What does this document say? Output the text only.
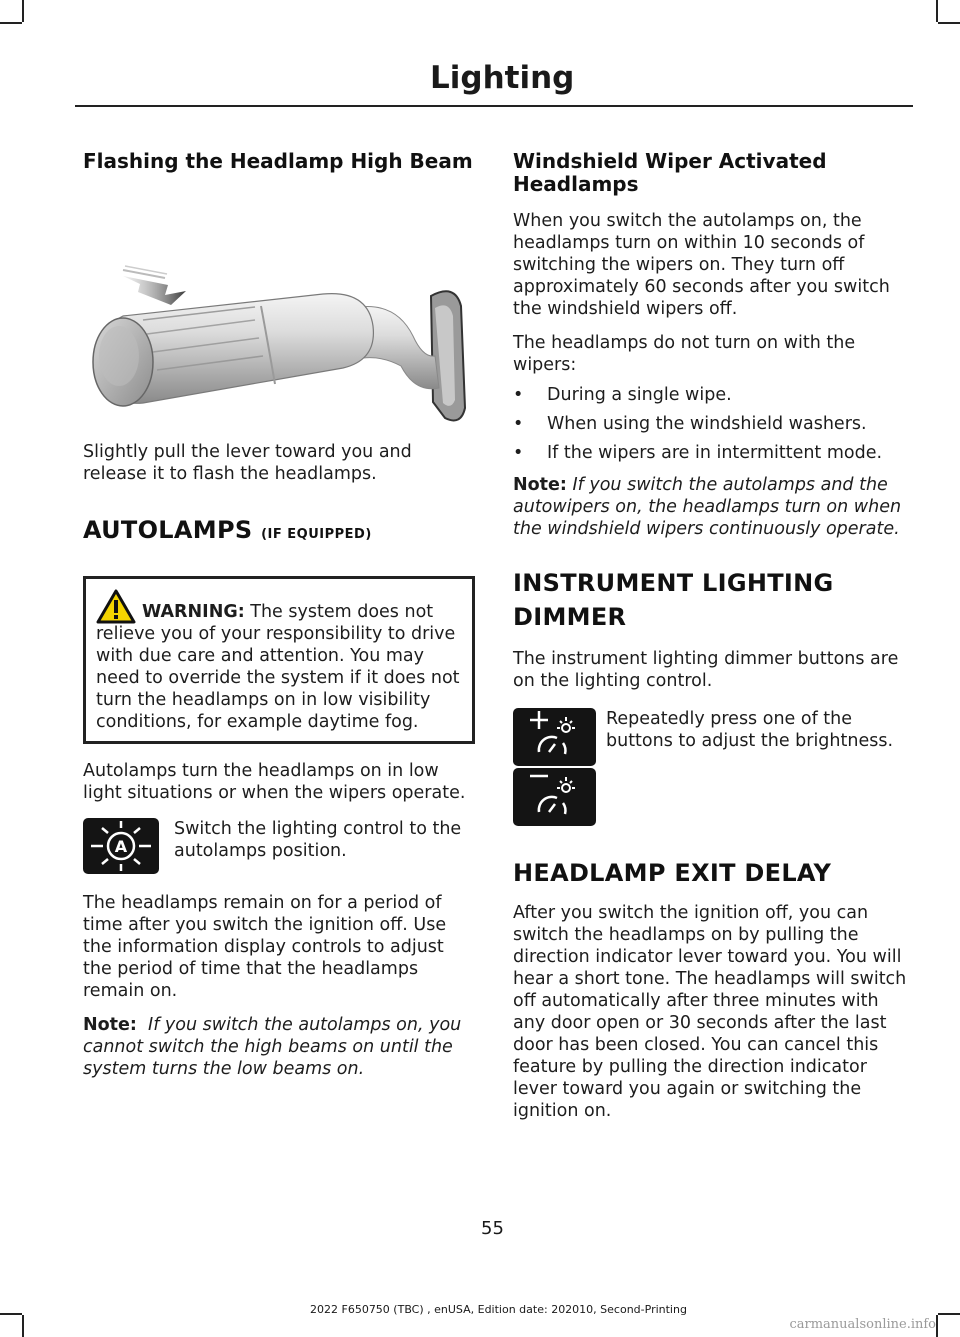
Lighting
Flashing the Headlamp High Beam
Slightly pull the lever toward you and release it to flash the headlamps.
AUTOLAMPS (IF EQUIPPED)
WARNING: The system does not relieve you of your responsibility to drive with due care and attention. You may need to override the system if it does not turn the headlamps on in low visibility conditions, for example daytime fog.
Autolamps turn the headlamps on in low light situations or when the wipers operate.
A
Switch the lighting control to the autolamps position.
The headlamps remain on for a period of time after you switch the ignition off. Use the information display controls to adjust the period of time that the headlamps remain on.
Note: If you switch the autolamps on, you cannot switch the high beams on until the system turns the low beams on.
Windshield Wiper Activated Headlamps
When you switch the autolamps on, the headlamps turn on within 10 seconds of switching the wipers on. They turn off approximately 60 seconds after you switch the windshield wipers off.
The headlamps do not turn on with the wipers:
•	During a single wipe.
•	When using the windshield washers.
•	If the wipers are in intermittent mode.
Note: If you switch the autolamps and the autowipers on, the headlamps turn on when the windshield wipers continuously operate.
INSTRUMENT LIGHTING
DIMMER
The instrument lighting dimmer buttons are on the lighting control.
Repeatedly press one of the buttons to adjust the brightness.
HEADLAMP EXIT DELAY
After you switch the ignition off, you can switch the headlamps on by pulling the direction indicator lever toward you. You will hear a short tone. The headlamps will switch off automatically after three minutes with any door open or 30 seconds after the last door has been closed. You can cancel this feature by pulling the direction indicator lever toward you again or switching the ignition on.
55
2022 F650750 (TBC) , enUSA, Edition date: 202010, Second-Printing
carmanualsonline.info
